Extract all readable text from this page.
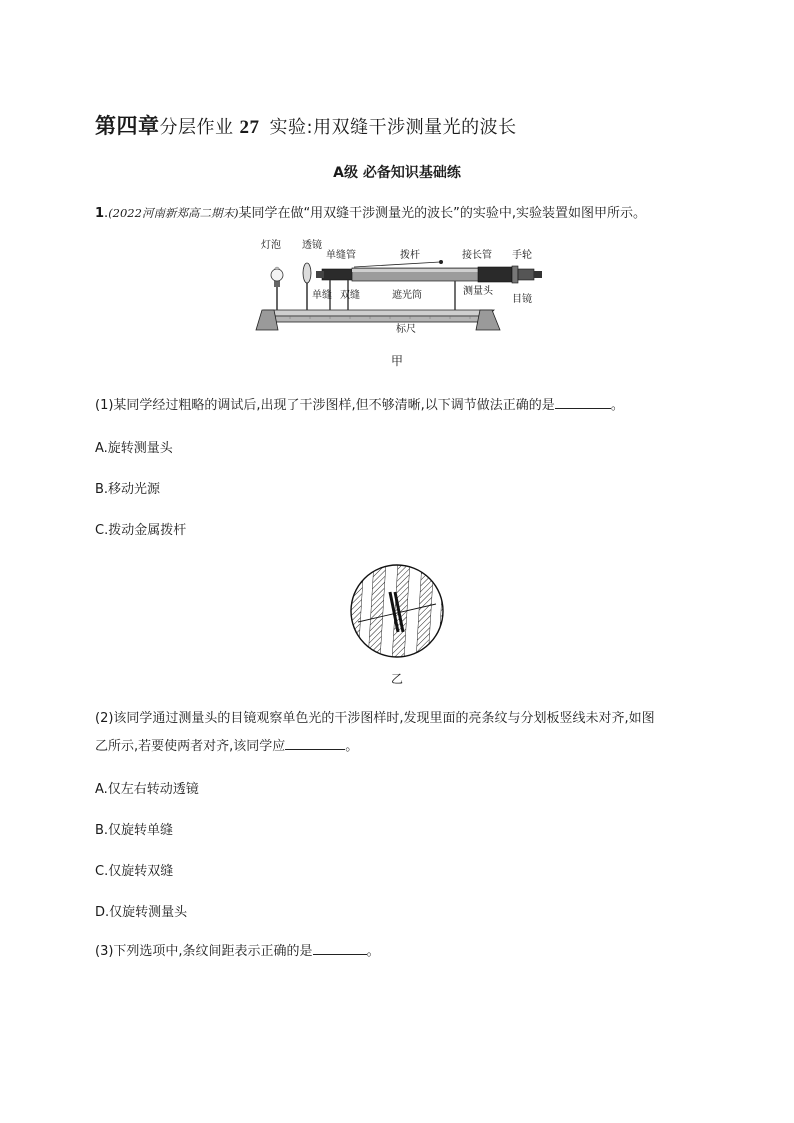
第四章分层作业 27 实验:用双缝干涉测量光的波长
A级 必备知识基础练
1.(2022河南新郑高二期末)某同学在做“用双缝干涉测量光的波长”的实验中,实验装置如图甲所示。
灯泡 透镜
单缝管	拨杆	接长管 手轮
单缝 双缝	遮光筒	测量头
目镜
标尺
甲
(1)某同学经过粗略的调试后,出现了干涉图样,但不够清晰,以下调节做法正确的是	。
A.旋转测量头
B.移动光源
C.拨动金属拨杆
乙
(2)该同学通过测量头的目镜观察单色光的干涉图样时,发现里面的亮条纹与分划板竖线未对齐,如图
乙所示,若要使两者对齐,该同学应	。
A.仅左右转动透镜
B.仅旋转单缝
C.仅旋转双缝
D.仅旋转测量头
(3)下列选项中,条纹间距表示正确的是	。
